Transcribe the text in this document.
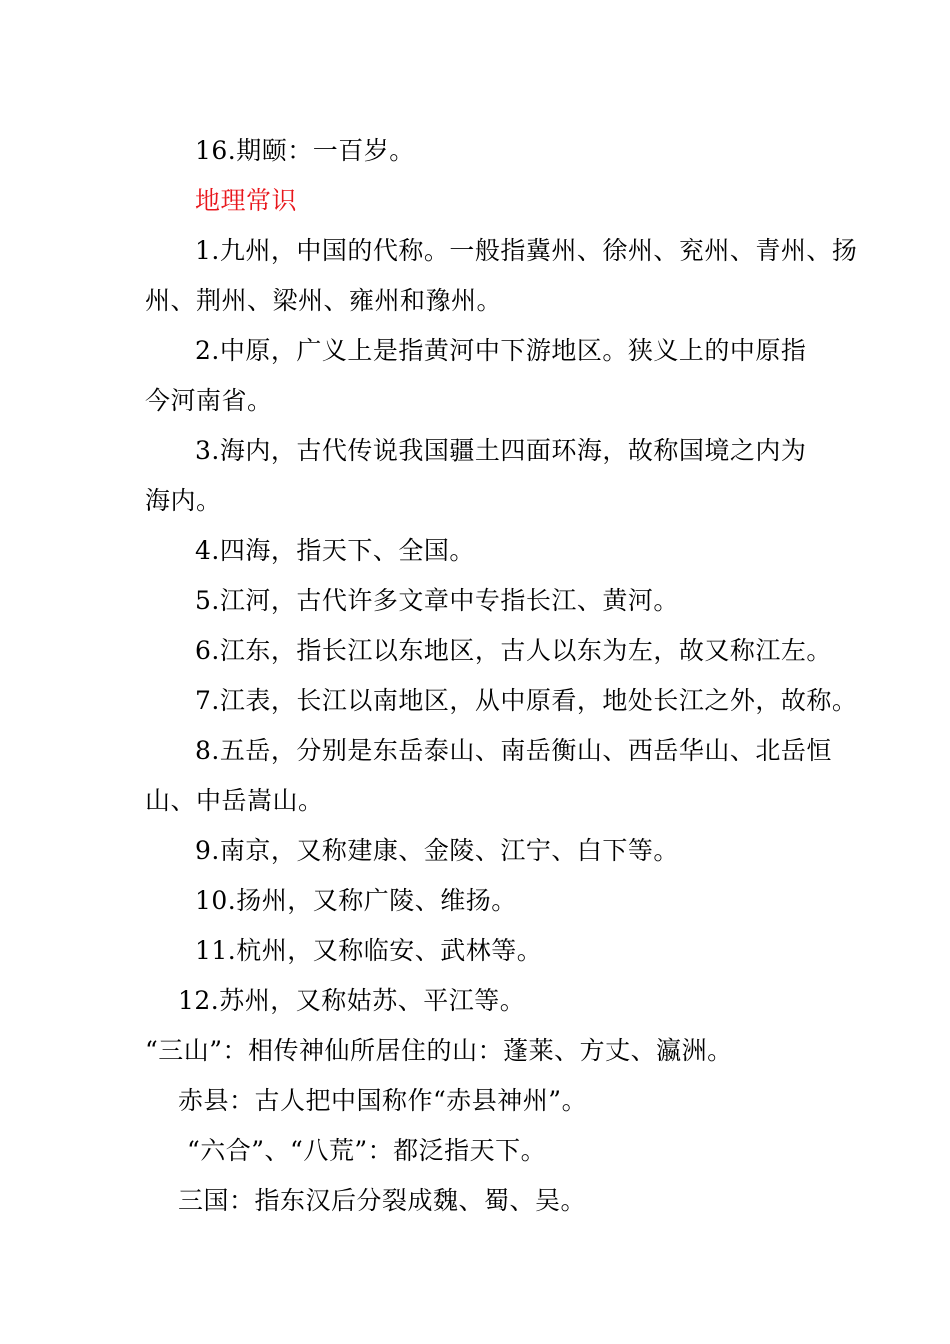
16.期颐：一百岁。
地理常识
1.九州，中国的代称。一般指冀州、徐州、兖州、青州、扬
州、荆州、梁州、雍州和豫州。
2.中原，广义上是指黄河中下游地区。狭义上的中原指
今河南省。
3.海内，古代传说我国疆土四面环海，故称国境之内为
海内。
4.四海，指天下、全国。
5.江河，古代许多文章中专指长江、黄河。
6.江东，指长江以东地区，古人以东为左，故又称江左。
7.江表，长江以南地区，从中原看，地处长江之外，故称。
8.五岳，分别是东岳泰山、南岳衡山、西岳华山、北岳恒
山、中岳嵩山。
9.南京，又称建康、金陵、江宁、白下等。
10.扬州，又称广陵、维扬。
11.杭州，又称临安、武林等。
12.苏州，又称姑苏、平江等。
“三山”：相传神仙所居住的山：蓬莱、方丈、瀛洲。
赤县：古人把中国称作“赤县神州”。
“六合”、“八荒”：都泛指天下。
三国：指东汉后分裂成魏、蜀、吴。
